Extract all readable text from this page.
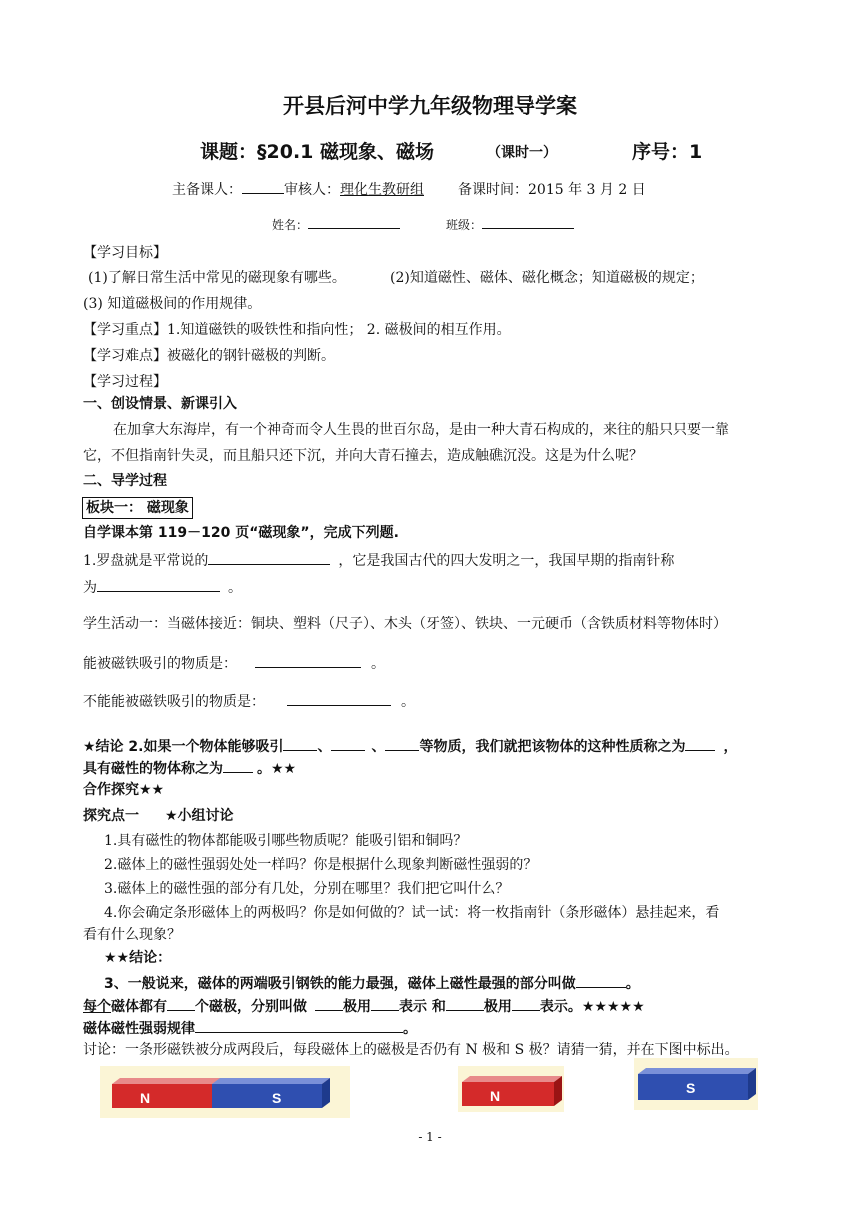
开县后河中学九年级物理导学案
课题：§20.1 磁现象、磁场	（课时一）	序号：1
主备课人：	审核人：理化生教研组 备课时间：2015 年 3 月 2 日
姓名：	班级：
【学习目标】
(1)了解日常生活中常见的磁现象有哪些。	(2)知道磁性、磁体、磁化概念；知道磁极的规定；
(3) 知道磁极间的作用规律。
【学习重点】1.知道磁铁的吸铁性和指向性； 2. 磁极间的相互作用。
【学习难点】被磁化的钢针磁极的判断。
【学习过程】
一、创设情景、新课引入
在加拿大东海岸，有一个神奇而令人生畏的世百尔岛，是由一种大青石构成的，来往的船只只要一靠
它，不但指南针失灵，而且船只还下沉，并向大青石撞去，造成触礁沉没。这是为什么呢？
二、导学过程
板块一： 磁现象
自学课本第 119－120 页“磁现象”，完成下列题.
1.罗盘就是平常说的	，它是我国古代的四大发明之一，我国早期的指南针称
为	。
学生活动一：当磁体接近：铜块、塑料（尺子）、木头（牙签）、铁块、一元硬币（含铁质材料等物体时）
能被磁铁吸引的物质是：	。
不能能被磁铁吸引的物质是：	。
★结论 2.如果一个物体能够吸引 、	、 等物质，我们就把该物体的这种性质称之为	，
具有磁性的物体称之为 。★★
合作探究★★
探究点一 ★小组讨论
1.具有磁性的物体都能吸引哪些物质呢？能吸引铝和铜吗？
2.磁体上的磁性强弱处处一样吗？你是根据什么现象判断磁性强弱的？
3.磁体上的磁性强的部分有几处，分别在哪里？我们把它叫什么？
4.你会确定条形磁体上的两极吗？你是如何做的？试一试：将一枚指南针（条形磁体）悬挂起来，看
看有什么现象？
★★结论：
3、一般说来，磁体的两端吸引钢铁的能力最强，磁体上磁性最强的部分叫做	。
每个磁体都有 个磁极，分别叫做	极用 表示 和	极用 表示。★★★★★
磁体磁性强弱规律	。
讨论：一条形磁铁被分成两段后，每段磁体上的磁极是否仍有 N 极和 S 极？请猜一猜，并在下图中标出。
N	S	N	S
- 1 -
